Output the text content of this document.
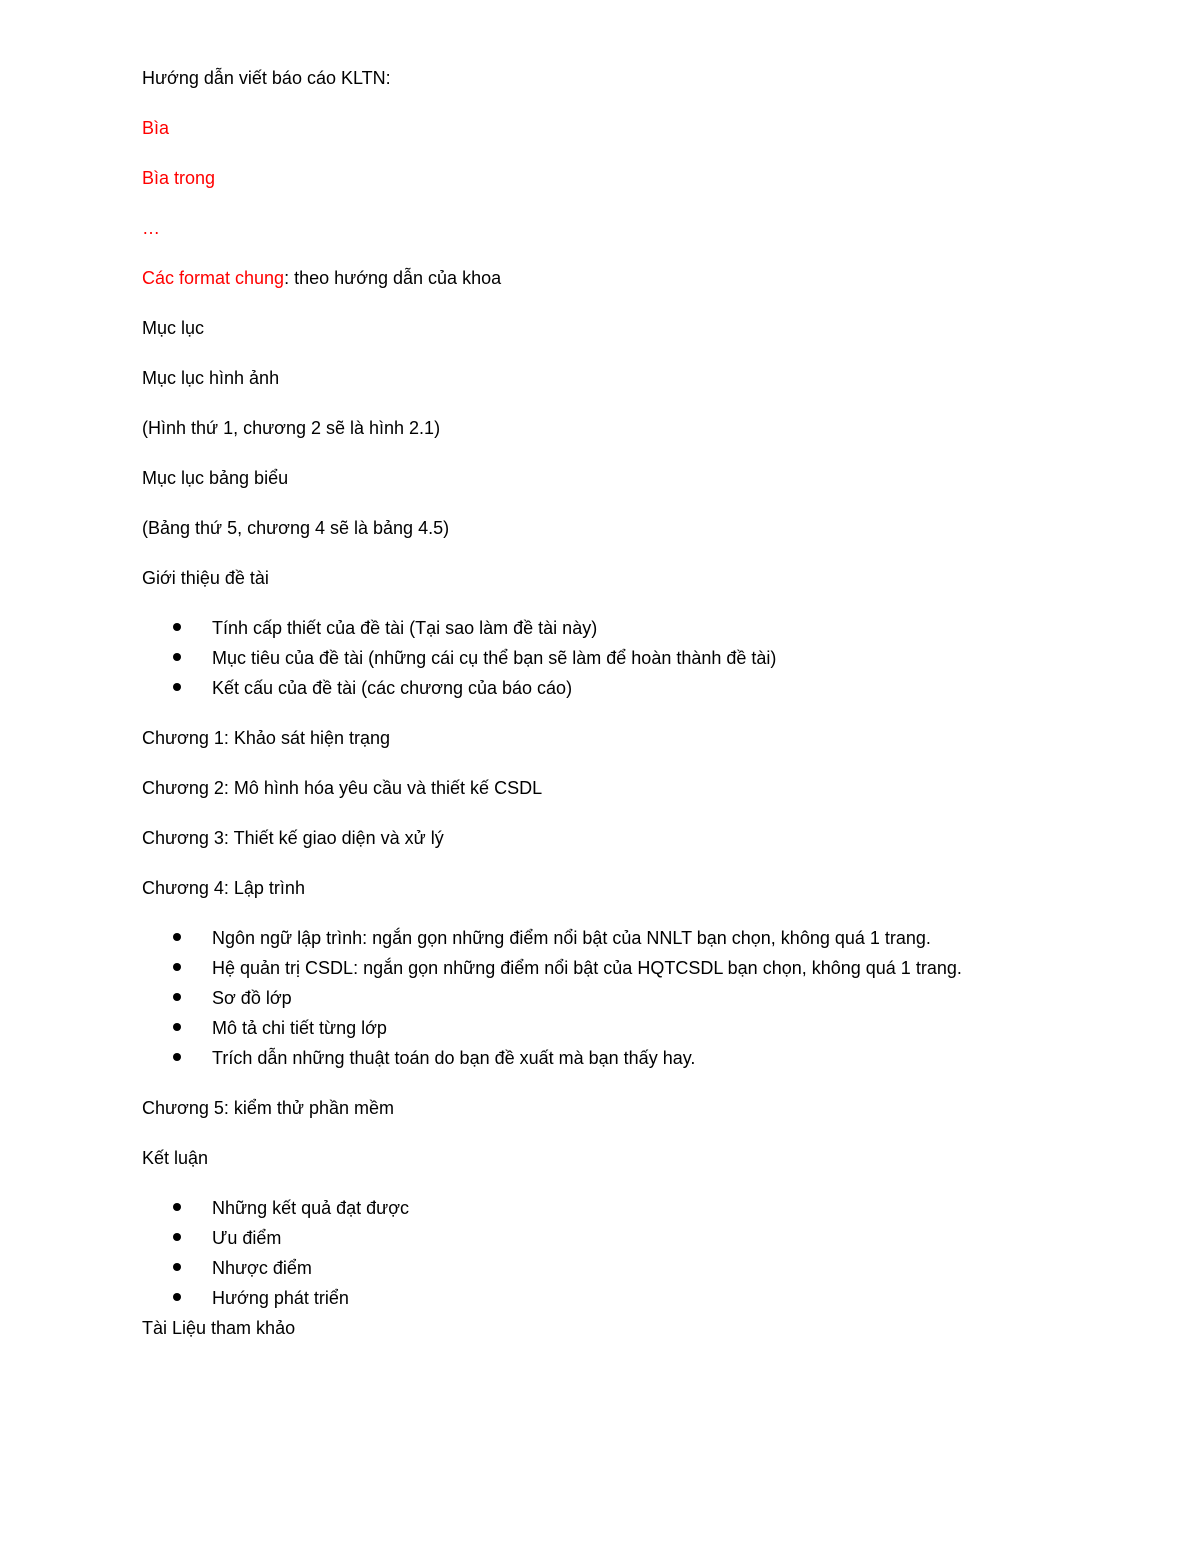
Hướng dẫn viết báo cáo KLTN:
Bìa
Bìa trong
…
Các format chung: theo hướng dẫn của khoa
Mục lục
Mục lục hình ảnh
(Hình thứ 1, chương 2 sẽ là hình 2.1)
Mục lục bảng biểu
(Bảng thứ 5, chương 4 sẽ là bảng 4.5)
Giới thiệu đề tài
Tính cấp thiết của đề tài (Tại sao làm đề tài này)
Mục tiêu của đề tài (những cái cụ thể bạn sẽ làm để hoàn thành đề tài)
Kết cấu của đề tài (các chương của báo cáo)
Chương 1: Khảo sát hiện trạng
Chương 2: Mô hình hóa yêu cầu và thiết kế CSDL
Chương 3: Thiết kế giao diện và xử lý
Chương 4: Lập trình
Ngôn ngữ lập trình: ngắn gọn những điểm nổi bật của NNLT bạn chọn, không quá 1 trang.
Hệ quản trị CSDL: ngắn gọn những điểm nổi bật của HQTCSDL bạn chọn, không quá 1 trang.
Sơ đồ lớp
Mô tả chi tiết từng lớp
Trích dẫn những thuật toán do bạn đề xuất mà bạn thấy hay.
Chương 5: kiểm thử phần mềm
Kết luận
Những kết quả đạt được
Ưu điểm
Nhược điểm
Hướng phát triển
Tài Liệu tham khảo
